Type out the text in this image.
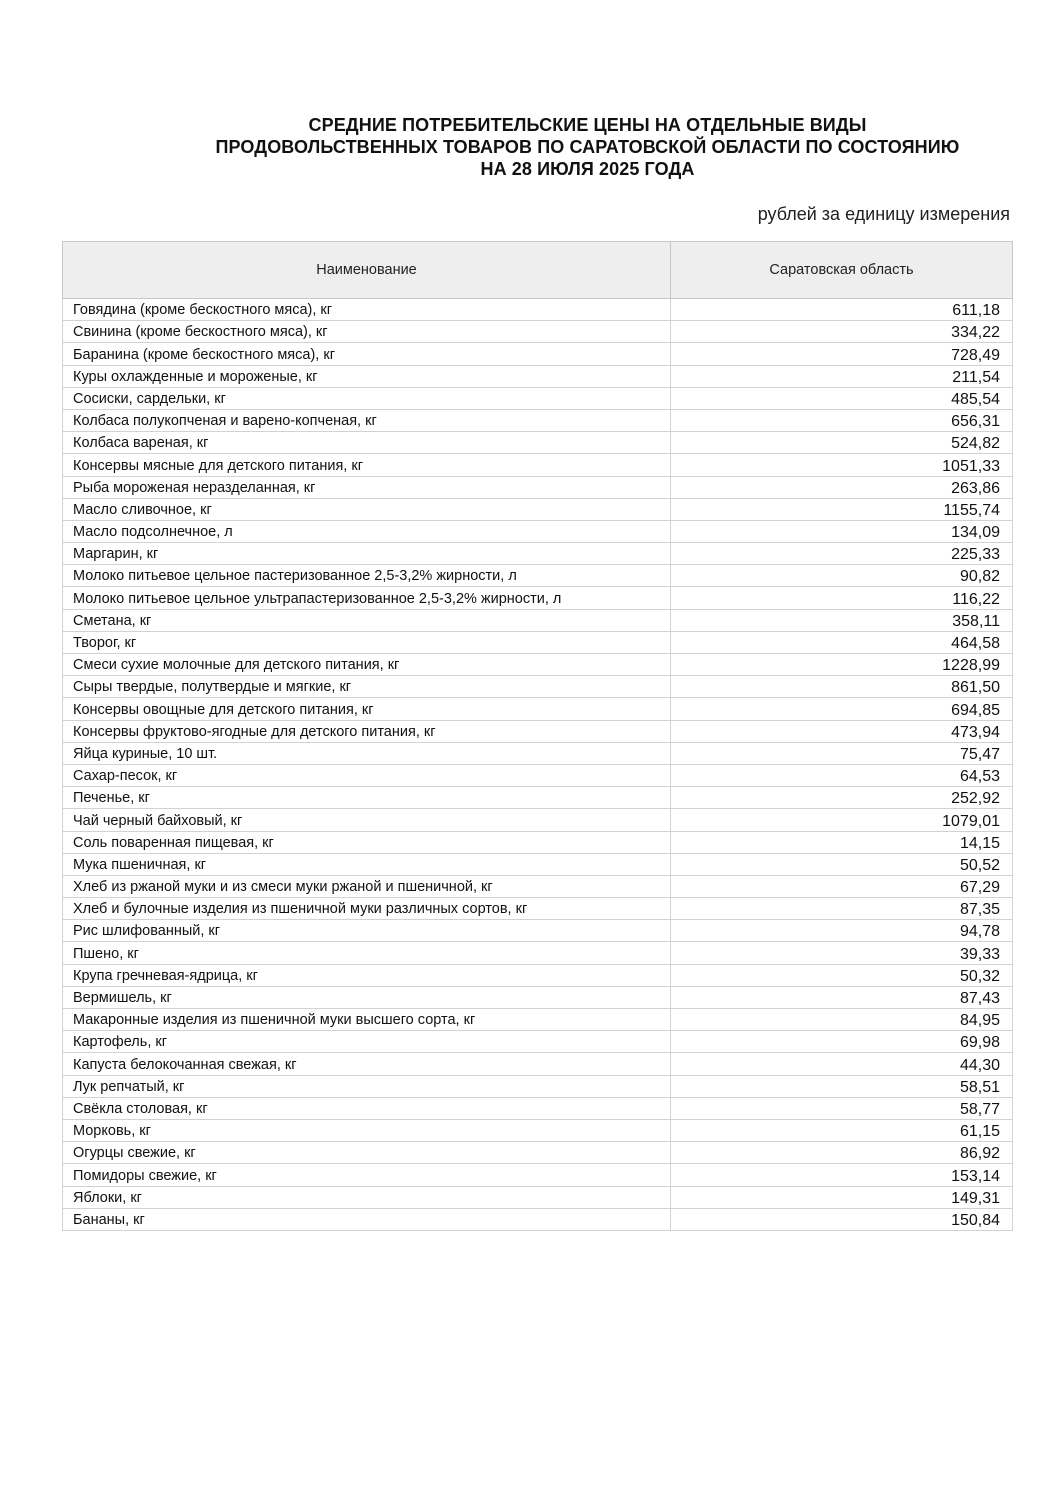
СРЕДНИЕ ПОТРЕБИТЕЛЬСКИЕ ЦЕНЫ НА ОТДЕЛЬНЫЕ ВИДЫ
ПРОДОВОЛЬСТВЕННЫХ ТОВАРОВ ПО САРАТОВСКОЙ ОБЛАСТИ ПО СОСТОЯНИЮ
НА 28 ИЮЛЯ 2025 ГОДА
рублей за единицу измерения
Наименование	Саратовская область
Говядина (кроме бескостного мяса), кг	611,18
Свинина (кроме бескостного мяса), кг	334,22
Баранина (кроме бескостного мяса), кг	728,49
Куры охлажденные и мороженые, кг	211,54
Сосиски, сардельки, кг	485,54
Колбаса полукопченая и варено-копченая, кг	656,31
Колбаса вареная, кг	524,82
Консервы мясные для детского питания, кг	1051,33
Рыба мороженая неразделанная, кг	263,86
Масло сливочное, кг	1155,74
Масло подсолнечное, л	134,09
Маргарин, кг	225,33
Молоко питьевое цельное пастеризованное 2,5-3,2% жирности, л	90,82
Молоко питьевое цельное ультрапастеризованное 2,5-3,2% жирности, л	116,22
Сметана, кг	358,11
Творог, кг	464,58
Смеси сухие молочные для детского питания, кг	1228,99
Сыры твердые, полутвердые и мягкие, кг	861,50
Консервы овощные для детского питания, кг	694,85
Консервы фруктово-ягодные для детского питания, кг	473,94
Яйца куриные, 10 шт.	75,47
Сахар-песок, кг	64,53
Печенье, кг	252,92
Чай черный байховый, кг	1079,01
Соль поваренная пищевая, кг	14,15
Мука пшеничная, кг	50,52
Хлеб из ржаной муки и из смеси муки ржаной и пшеничной, кг	67,29
Хлеб и булочные изделия из пшеничной муки различных сортов, кг	87,35
Рис шлифованный, кг	94,78
Пшено, кг	39,33
Крупа гречневая-ядрица, кг	50,32
Вермишель, кг	87,43
Макаронные изделия из пшеничной муки высшего сорта, кг	84,95
Картофель, кг	69,98
Капуста белокочанная свежая, кг	44,30
Лук репчатый, кг	58,51
Свёкла столовая, кг	58,77
Морковь, кг	61,15
Огурцы свежие, кг	86,92
Помидоры свежие, кг	153,14
Яблоки, кг	149,31
Бананы, кг	150,84
